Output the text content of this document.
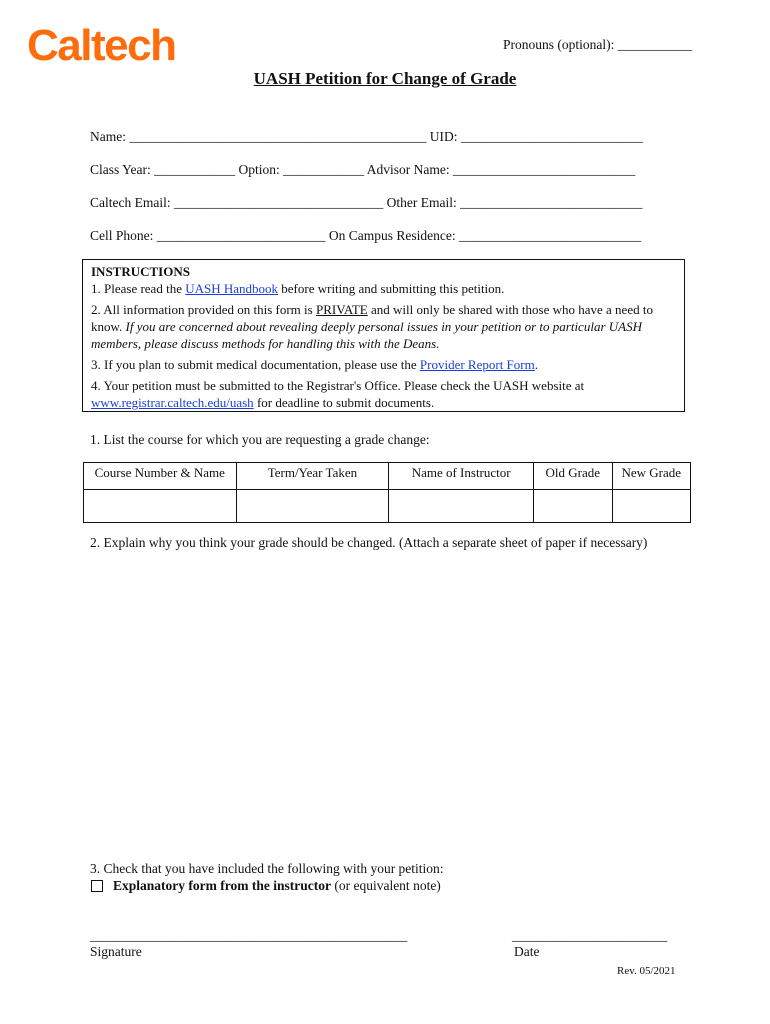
Caltech	Pronouns (optional): ___________
UASH Petition for Change of Grade
Name: ____________________________________________ UID: ___________________________
Class Year: ____________ Option: ____________ Advisor Name: ___________________________
Caltech Email: _______________________________ Other Email: ___________________________
Cell Phone: _________________________ On Campus Residence: ___________________________

INSTRUCTIONS

1. Please read the UASH Handbook before writing and submitting this petition.

2. All information provided on this form is PRIVATE and will only be shared with those who have a need to know. If you are concerned about revealing deeply personal issues in your petition or to particular UASH members, please discuss methods for handling this with the Deans.

3. If you plan to submit medical documentation, please use the Provider Report Form.

4. Your petition must be submitted to the Registrar's Office. Please check the UASH website at www.registrar.caltech.edu/uash for deadline to submit documents.

1. List the course for which you are requesting a grade change:
Course Number & Name	Term/Year Taken	Name of Instructor	Old Grade	New Grade

2. Explain why you think your grade should be changed. (Attach a separate sheet of paper if necessary)
3. Check that you have included the following with your petition:
Explanatory form from the instructor (or equivalent note)
_______________________________________________
Signature
_______________________
Date
Rev. 05/2021
